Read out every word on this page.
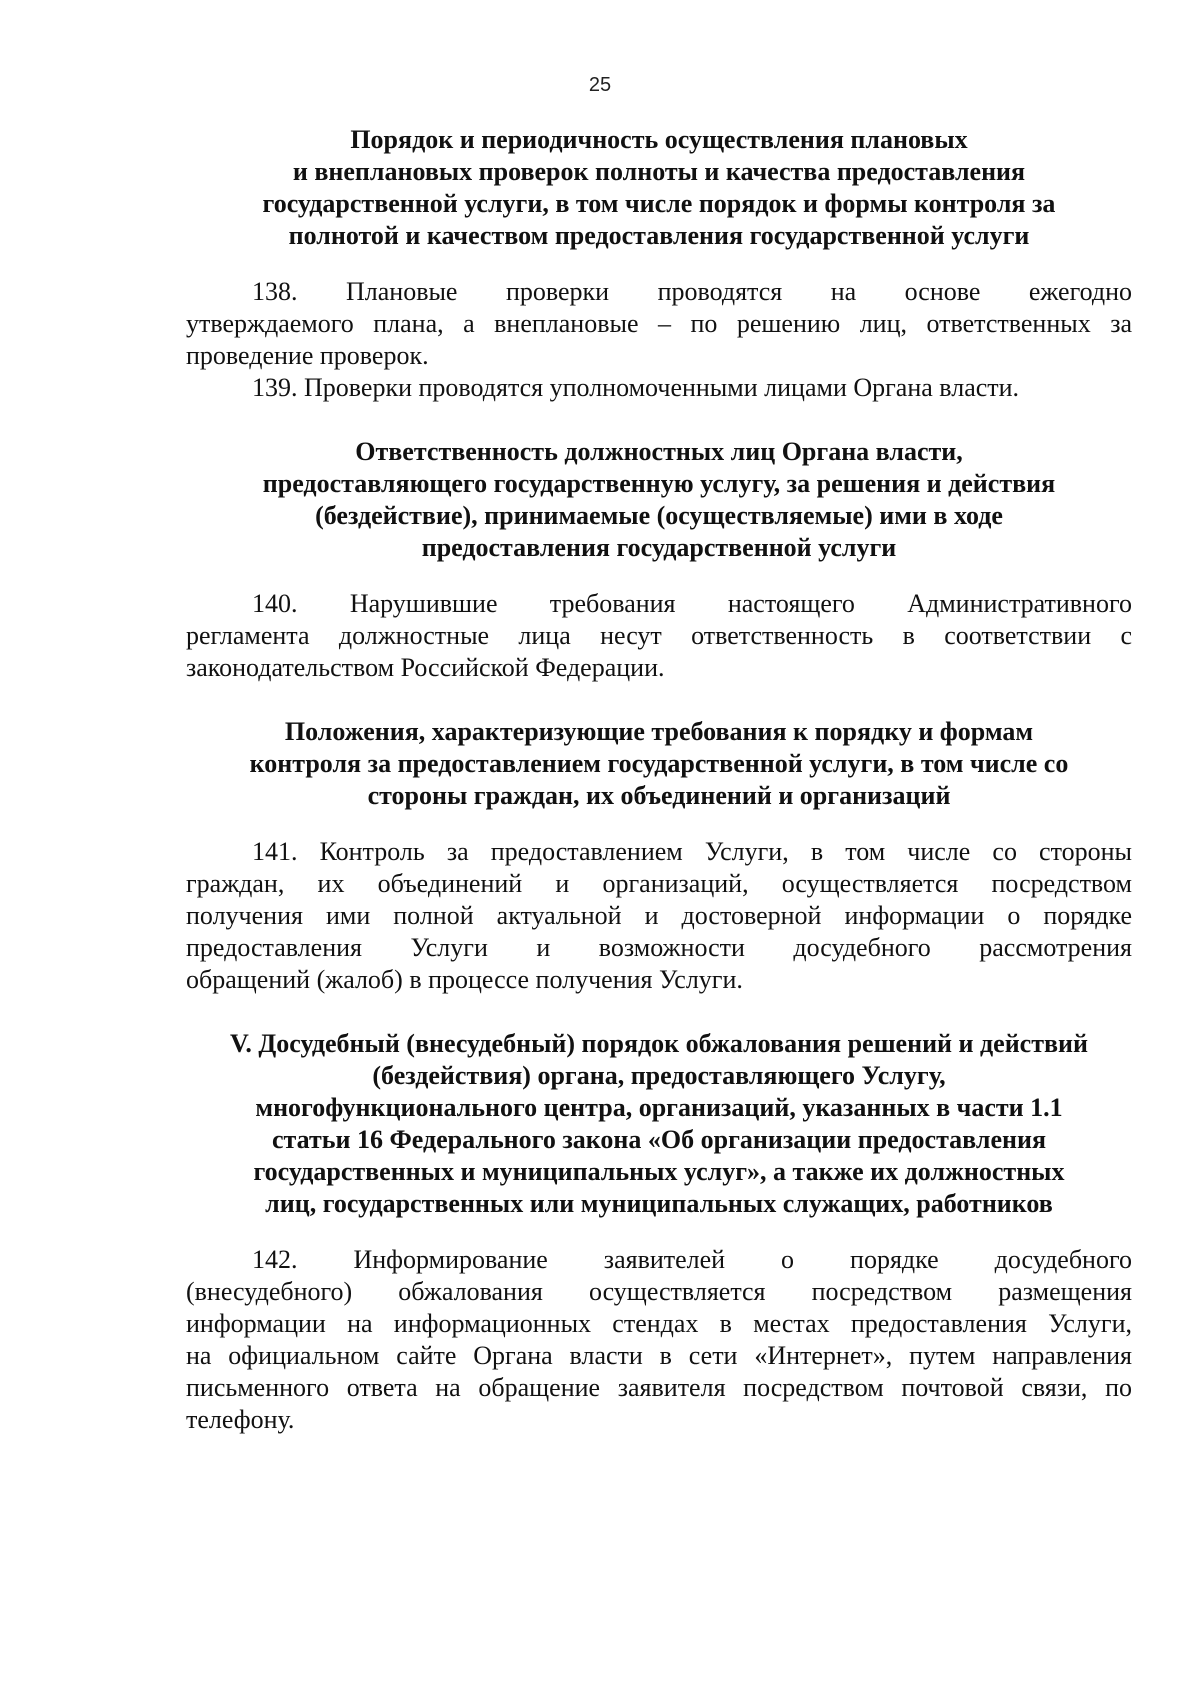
25
Порядок и периодичность осуществления плановых
и внеплановых проверок полноты и качества предоставления
государственной услуги, в том числе порядок и формы контроля за
полнотой и качеством предоставления государственной услуги
138. Плановые проверки проводятся на основе ежегодно
утверждаемого плана, а внеплановые – по решению лиц, ответственных за
проведение проверок.
139. Проверки проводятся уполномоченными лицами Органа власти.
Ответственность должностных лиц Органа власти,
предоставляющего государственную услугу, за решения и действия
(бездействие), принимаемые (осуществляемые) ими в ходе
предоставления государственной услуги
140. Нарушившие требования настоящего Административного
регламента должностные лица несут ответственность в соответствии с
законодательством Российской Федерации.
Положения, характеризующие требования к порядку и формам
контроля за предоставлением государственной услуги, в том числе со
стороны граждан, их объединений и организаций
141. Контроль за предоставлением Услуги, в том числе со стороны
граждан, их объединений и организаций, осуществляется посредством
получения ими полной актуальной и достоверной информации о порядке
предоставления Услуги и возможности досудебного рассмотрения
обращений (жалоб) в процессе получения Услуги.
V. Досудебный (внесудебный) порядок обжалования решений и действий
(бездействия) органа, предоставляющего Услугу,
многофункционального центра, организаций, указанных в части 1.1
статьи 16 Федерального закона «Об организации предоставления
государственных и муниципальных услуг», а также их должностных
лиц, государственных или муниципальных служащих, работников
142. Информирование заявителей о порядке досудебного
(внесудебного) обжалования осуществляется посредством размещения
информации на информационных стендах в местах предоставления Услуги,
на официальном сайте Органа власти в сети «Интернет», путем направления
письменного ответа на обращение заявителя посредством почтовой связи, по
телефону.
